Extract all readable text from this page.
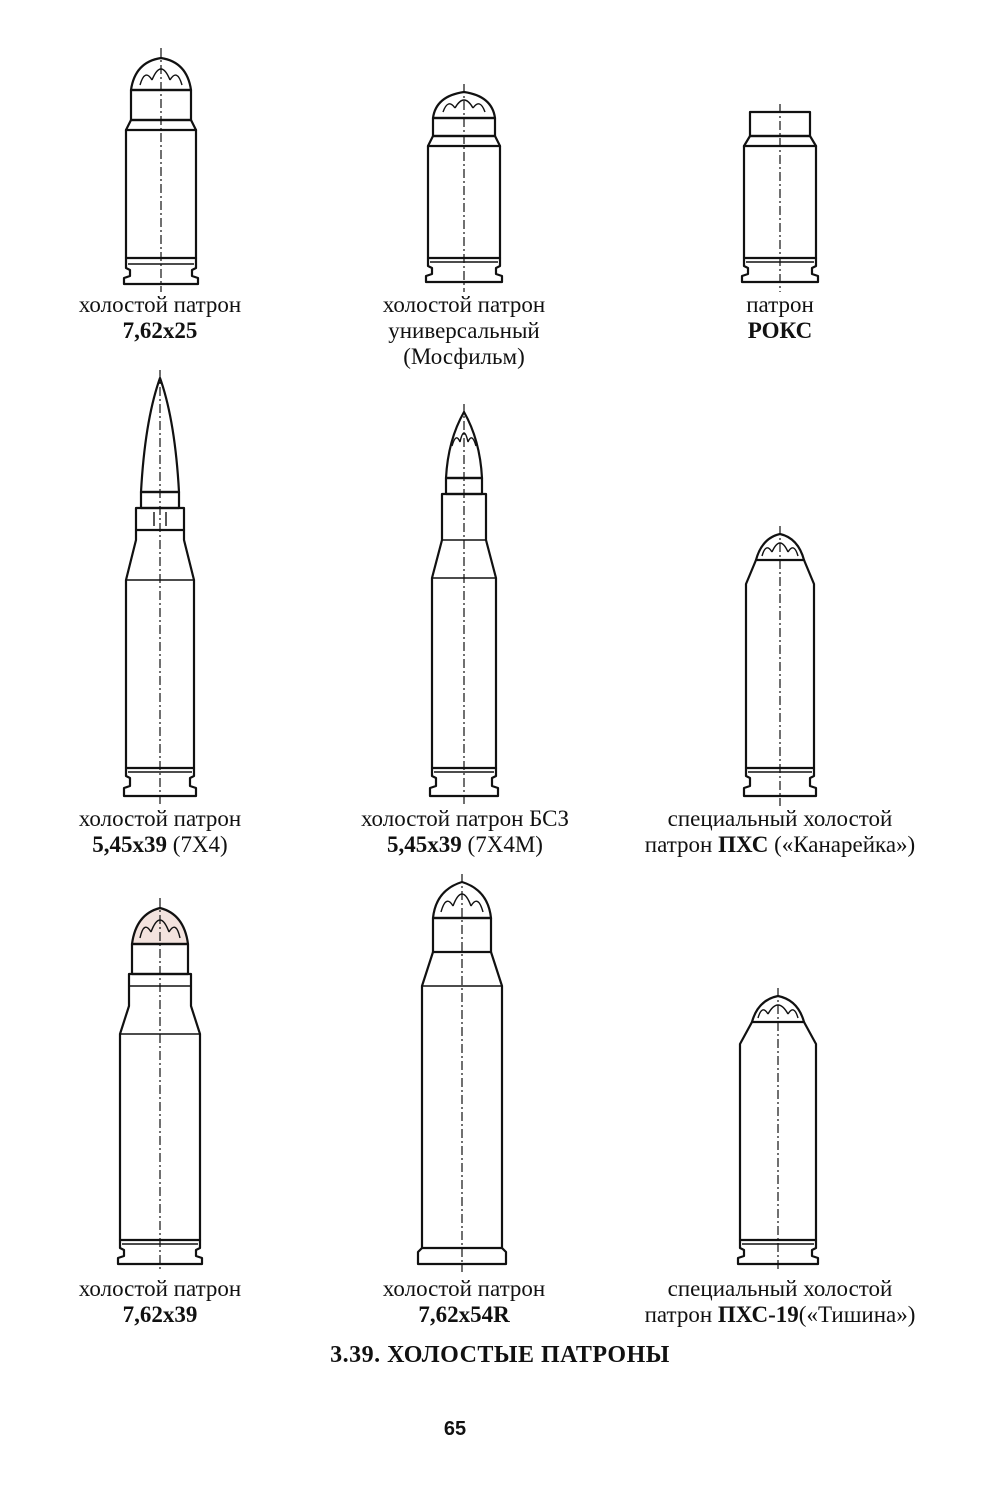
холостой патрон
7,62x25
холостой патрон
универсальный
(Мосфильм)
патрон
РОКС
холостой патрон
5,45x39 (7Х4)
холостой патрон БСЗ
5,45x39 (7Х4М)
специальный холостой
патрон ПХС («Канарейка»)
холостой патрон
7,62x39
холостой патрон
7,62x54R
специальный холостой
патрон ПХС-19(«Тишина»)
3.39. ХОЛОСТЫЕ ПАТРОНЫ
65
